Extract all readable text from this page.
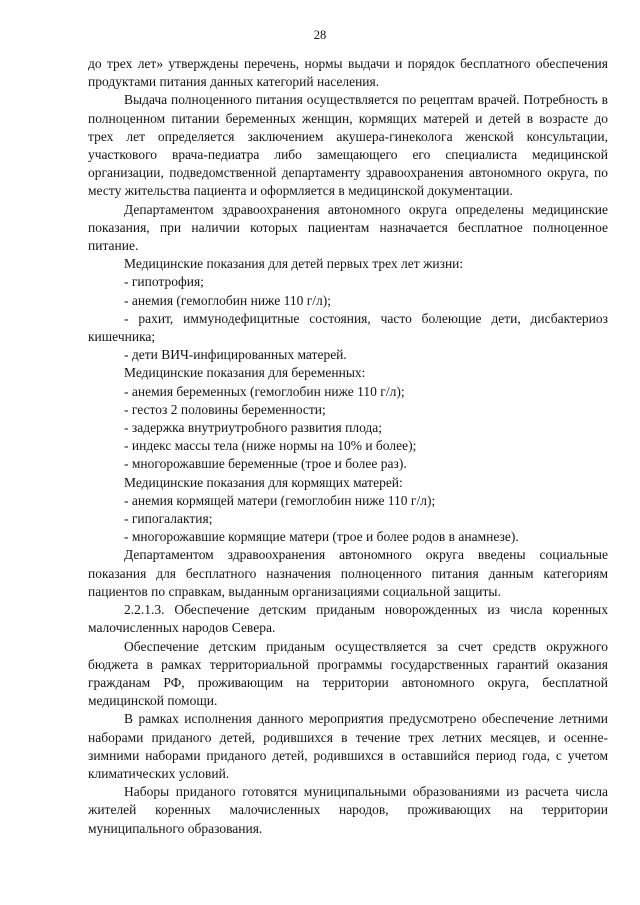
28

до трех лет» утверждены перечень, нормы выдачи и порядок бесплатного обеспечения продуктами питания данных категорий населения.

Выдача полноценного питания осуществляется по рецептам врачей. Потребность в полноценном питании беременных женщин, кормящих матерей и детей в возрасте до трех лет определяется заключением акушера-гинеколога женской консультации, участкового врача-педиатра либо замещающего его специалиста медицинской организации, подведомственной департаменту здравоохранения автономного округа, по месту жительства пациента и оформляется в медицинской документации.

Департаментом здравоохранения автономного округа определены медицинские показания, при наличии которых пациентам назначается бесплатное полноценное питание.

Медицинские показания для детей первых трех лет жизни:

- гипотрофия;

- анемия (гемоглобин ниже 110 г/л);

- рахит, иммунодефицитные состояния, часто болеющие дети, дисбактериоз кишечника;

- дети ВИЧ-инфицированных матерей.

Медицинские показания для беременных:

- анемия беременных (гемоглобин ниже 110 г/л);

- гестоз 2 половины беременности;

- задержка внутриутробного развития плода;

- индекс массы тела (ниже нормы на 10% и более);

- многорожавшие беременные (трое и более раз).

Медицинские показания для кормящих матерей:

- анемия кормящей матери (гемоглобин ниже 110 г/л);

- гипогалактия;

- многорожавшие кормящие матери (трое и более родов в анамнезе).

Департаментом здравоохранения автономного округа введены социальные показания для бесплатного назначения полноценного питания данным категориям пациентов по справкам, выданным организациями социальной защиты.

2.2.1.3. Обеспечение детским приданым новорожденных из числа коренных малочисленных народов Севера.

Обеспечение детским приданым осуществляется за счет средств окружного бюджета в рамках территориальной программы государственных гарантий оказания гражданам РФ, проживающим на территории автономного округа, бесплатной медицинской помощи.

В рамках исполнения данного мероприятия предусмотрено обеспечение летними наборами приданого детей, родившихся в течение трех летних месяцев, и осенне-зимними наборами приданого детей, родившихся в оставшийся период года, с учетом климатических условий.

Наборы приданого готовятся муниципальными образованиями из расчета числа жителей коренных малочисленных народов, проживающих на территории муниципального образования.
